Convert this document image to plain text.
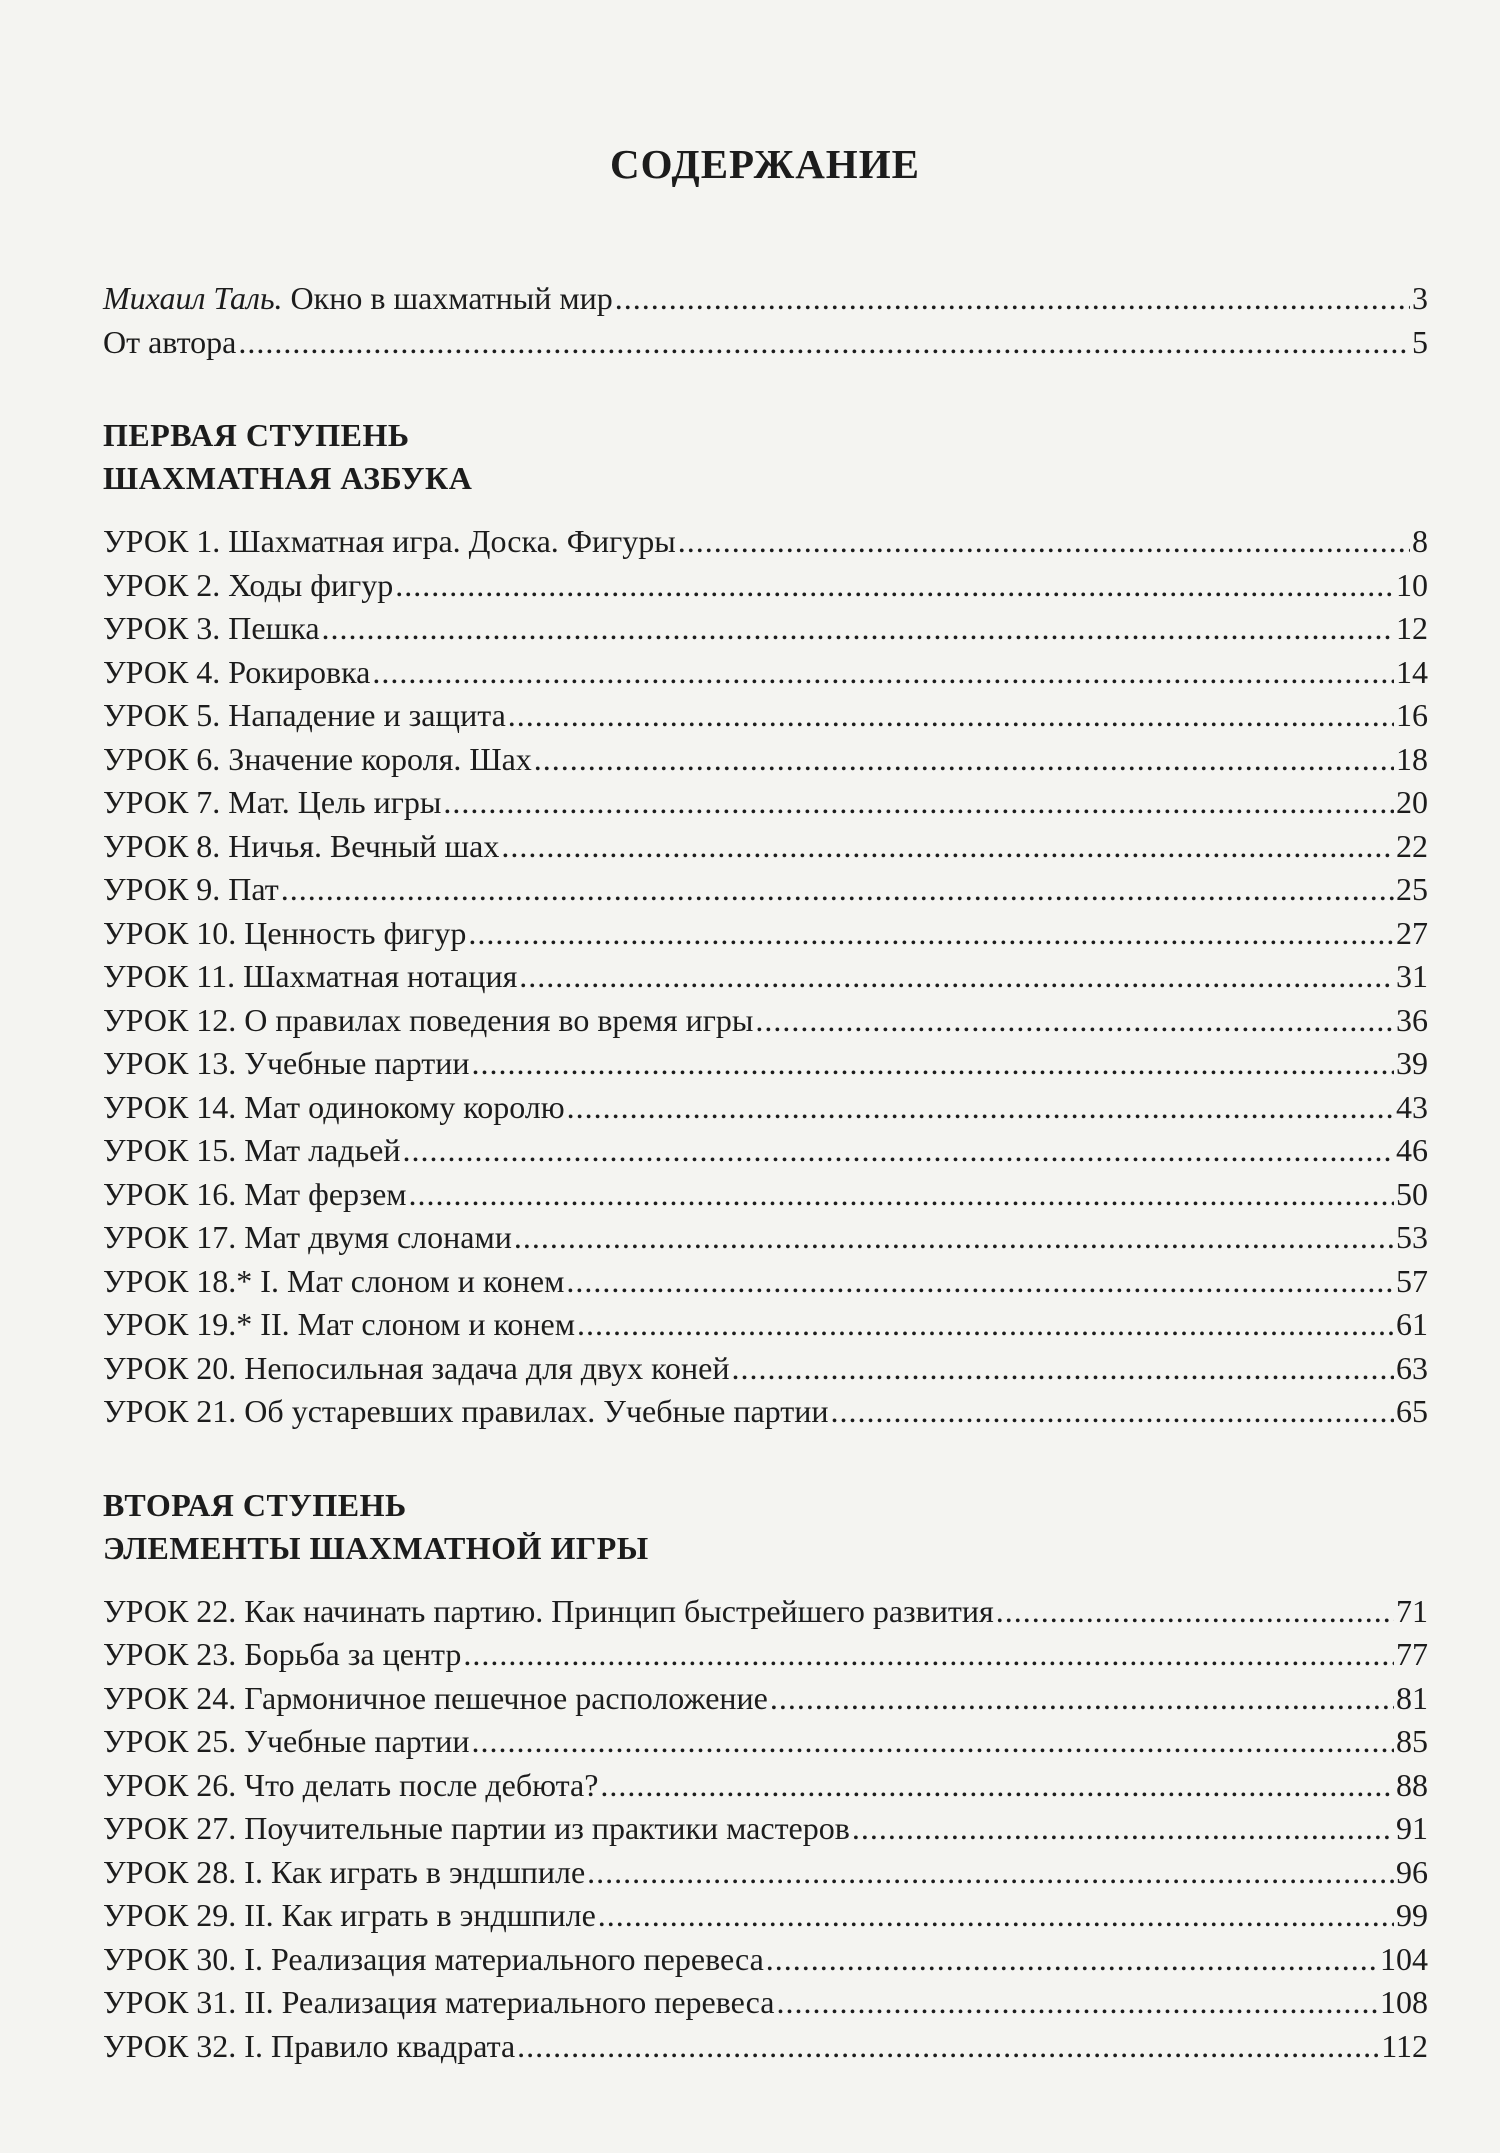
СОДЕРЖАНИЕ
Михаил Таль. Окно в шахматный мир .....	3
От автора .....	5
ПЕРВАЯ СТУПЕНЬ
ШАХМАТНАЯ АЗБУКА
УРОК 1. Шахматная игра. Доска. Фигуры .....	8
УРОК 2. Ходы фигур .....	10
УРОК 3. Пешка .....	12
УРОК 4. Рокировка .....	14
УРОК 5. Нападение и защита .....	16
УРОК 6. Значение короля. Шах .....	18
УРОК 7. Мат. Цель игры .....	20
УРОК 8. Ничья. Вечный шах .....	22
УРОК 9. Пат .....	25
УРОК 10. Ценность фигур .....	27
УРОК 11. Шахматная нотация .....	31
УРОК 12. О правилах поведения во время игры .....	36
УРОК 13. Учебные партии .....	39
УРОК 14. Мат одинокому королю .....	43
УРОК 15. Мат ладьей .....	46
УРОК 16. Мат ферзем .....	50
УРОК 17. Мат двумя слонами .....	53
УРОК 18.* I. Мат слоном и конем .....	57
УРОК 19.* II. Мат слоном и конем .....	61
УРОК 20. Непосильная задача для двух коней .....	63
УРОК 21. Об устаревших правилах. Учебные партии .....	65
ВТОРАЯ СТУПЕНЬ
ЭЛЕМЕНТЫ ШАХМАТНОЙ ИГРЫ
УРОК 22. Как начинать партию. Принцип быстрейшего развития .....	71
УРОК 23. Борьба за центр .....	77
УРОК 24. Гармоничное пешечное расположение .....	81
УРОК 25. Учебные партии .....	85
УРОК 26. Что делать после дебюта? .....	88
УРОК 27. Поучительные партии из практики мастеров .....	91
УРОК 28. I. Как играть в эндшпиле .....	96
УРОК 29. II. Как играть в эндшпиле .....	99
УРОК 30. I. Реализация материального перевеса .....	104
УРОК 31. II. Реализация материального перевеса .....	108
УРОК 32. I. Правило квадрата .....	112
